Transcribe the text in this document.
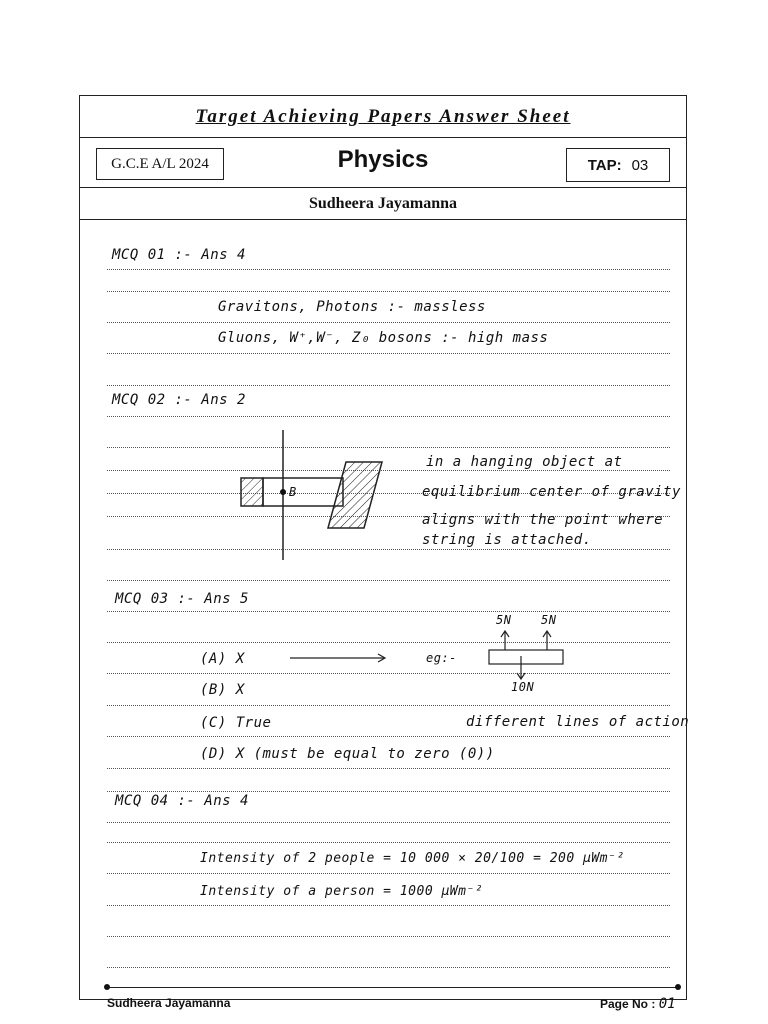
Target Achieving Papers Answer Sheet
G.C.E A/L 2024	Physics	TAP: 03
Sudheera Jayamanna
MCQ 01 :- Ans 4
Gravitons, Photons :- massless
Gluons, W⁺,W⁻, Z₀ bosons :- high mass
MCQ 02 :- Ans 2
B
in a hanging object at
equilibrium center of gravity
aligns with the point where
string is attached.
MCQ 03 :- Ans 5
(A) X	eg:-
5N 5N
10N
(B) X
(C) True	different lines of action
(D) X (must be equal to zero (0))
MCQ 04 :- Ans 4
Intensity of 2 people = 10 000 × 20/100 = 200 μWm⁻²
Intensity of a person = 1000 μWm⁻²
Sudheera Jayamanna	Page No : 01
